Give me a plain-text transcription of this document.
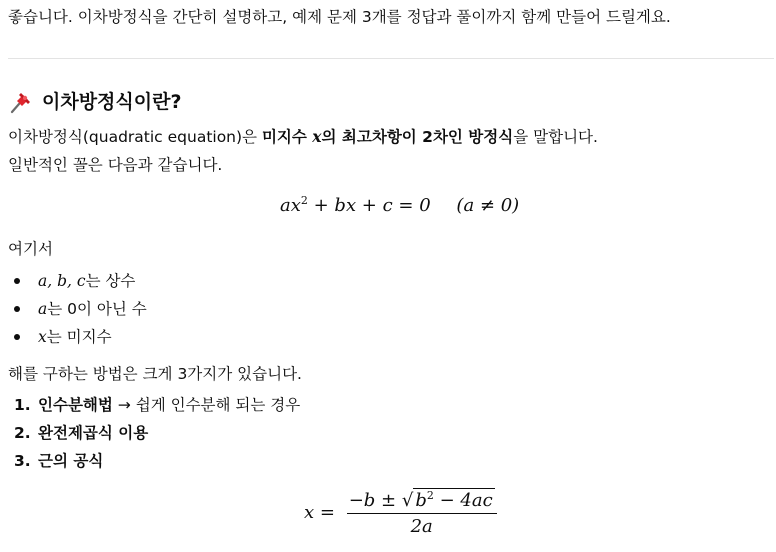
좋습니다. 이차방정식을 간단히 설명하고, 예제 문제 3개를 정답과 풀이까지 함께 만들어 드릴게요.
이차방정식이란?
이차방정식(quadratic equation)은 미지수 x의 최고차항이 2차인 방정식을 말합니다.
일반적인 꼴은 다음과 같습니다.
$ax^2$ + bx + c = 0 (a ≠ 0)
여기서
a, b, c는 상수
a는 0이 아닌 수
x는 미지수
해를 구하는 방법은 크게 3가지가 있습니다.
1. 인수분해법 → 쉽게 인수분해 되는 경우
2. 완전제곱식 이용
3. 근의 공식
$x = \frac{-b \pm √ b^2 - 4ac}{2a}$
